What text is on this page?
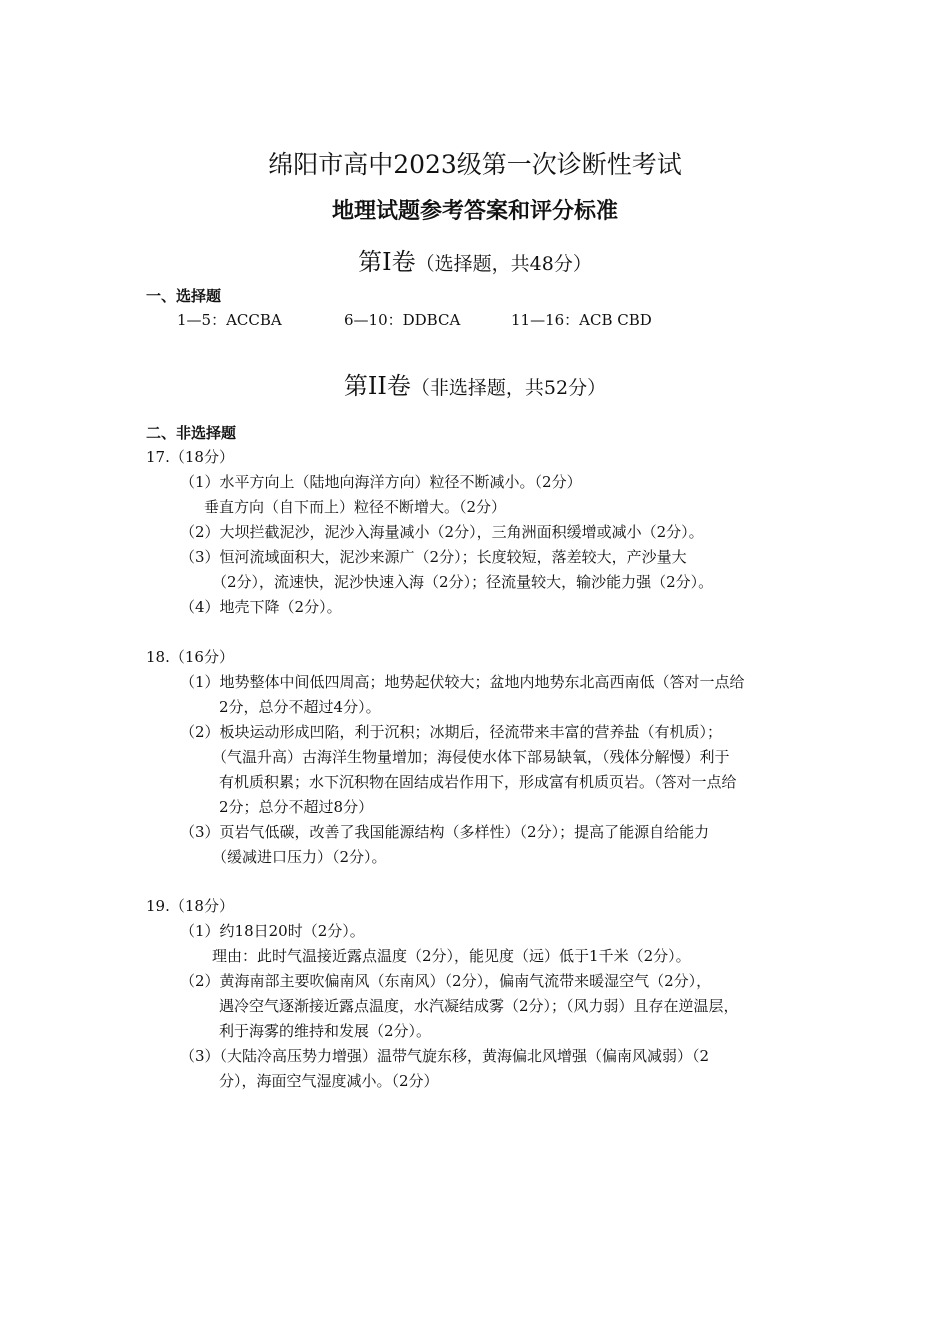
绵阳市高中2023级第一次诊断性考试
地理试题参考答案和评分标准
第I卷（选择题，共48分）
一、选择题
1—5：ACCBA	6—10：DDBCA	11—16：ACB CBD
第II卷（非选择题，共52分）
二、非选择题
17.（18分）
（1）水平方向上（陆地向海洋方向）粒径不断减小。（2分）
垂直方向（自下而上）粒径不断增大。（2分）
（2）大坝拦截泥沙，泥沙入海量减小（2分），三角洲面积缓增或减小（2分）。
（3）恒河流域面积大，泥沙来源广（2分）；长度较短，落差较大，产沙量大
（2分），流速快，泥沙快速入海（2分）；径流量较大，输沙能力强（2分）。
（4）地壳下降（2分）。
18.（16分）
（1）地势整体中间低四周高；地势起伏较大；盆地内地势东北高西南低（答对一点给
2分，总分不超过4分）。
（2）板块运动形成凹陷，利于沉积；冰期后，径流带来丰富的营养盐（有机质）；
（气温升高）古海洋生物量增加；海侵使水体下部易缺氧，（残体分解慢）利于
有机质积累；水下沉积物在固结成岩作用下，形成富有机质页岩。（答对一点给
2分；总分不超过8分）
（3）页岩气低碳，改善了我国能源结构（多样性）（2分）；提高了能源自给能力
（缓减进口压力）（2分）。
19.（18分）
（1）约18日20时（2分）。
理由：此时气温接近露点温度（2分），能见度（远）低于1千米（2分）。
（2）黄海南部主要吹偏南风（东南风）（2分），偏南气流带来暖湿空气（2分），
遇冷空气逐渐接近露点温度，水汽凝结成雾（2分）；（风力弱）且存在逆温层，
利于海雾的维持和发展（2分）。
（3）（大陆冷高压势力增强）温带气旋东移，黄海偏北风增强（偏南风减弱）（2
分），海面空气湿度减小。（2分）
